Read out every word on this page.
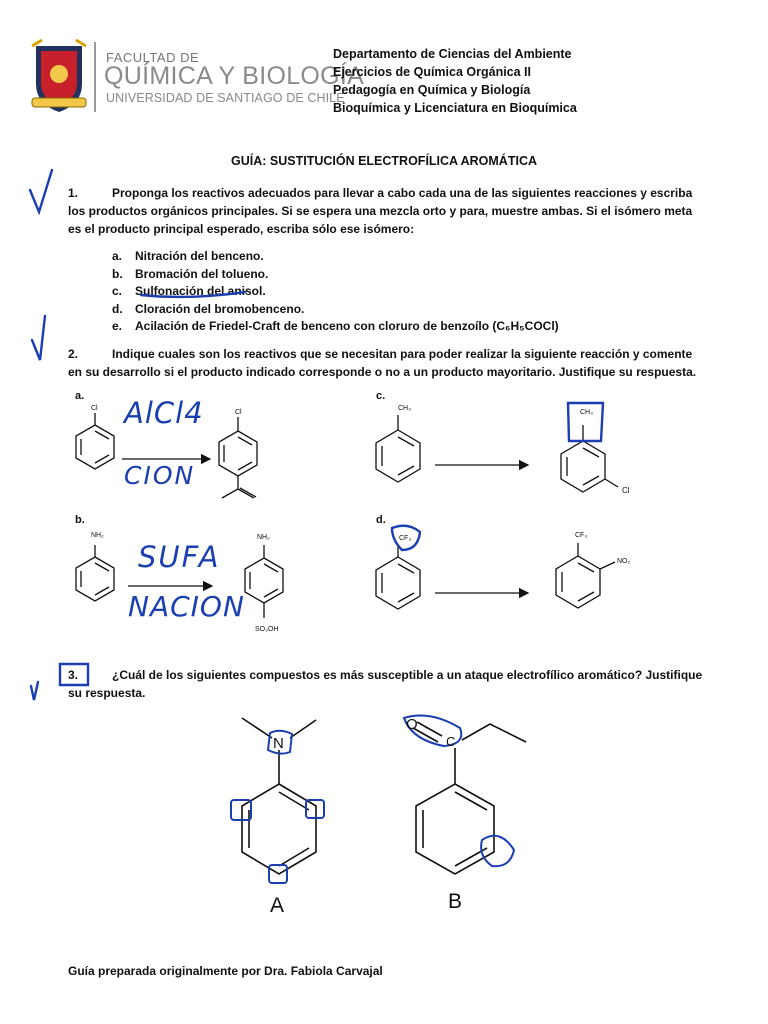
FACULTAD DE
QUÍMICA Y BIOLOGÍA
UNIVERSIDAD DE SANTIAGO DE CHILE
Departamento de Ciencias del Ambiente
Ejercicios de Química Orgánica II
Pedagogía en Química y Biología
Bioquímica y Licenciatura en Bioquímica
GUÍA: SUSTITUCIÓN ELECTROFÍLICA AROMÁTICA
1.	Proponga los reactivos adecuados para llevar a cabo cada una de las siguientes reacciones y escriba los productos orgánicos principales. Si se espera una mezcla orto y para, muestre ambas. Si el isómero meta es el producto principal esperado, escriba sólo ese isómero:
a. Nitración del benceno.
b. Bromación del tolueno.
c. Sulfonación del anisol.
d. Cloración del bromobenceno.
e. Acilación de Friedel-Craft de benceno con cloruro de benzoílo (C₆H₅COCl)
2.	Indique cuales son los reactivos que se necesitan para poder realizar la siguiente reacción y comente en su desarrollo si el producto indicado corresponde o no a un producto mayoritario. Justifique su respuesta.
a.	c.
b.	d.
Cl
Cl
CH₃
CH₃
Cl
NH₂	NH₂
SO₃OH
CF₃	CF₃
NO₂
AlCl4
CION
SUFA
NACION
3.	¿Cuál de los siguientes compuestos es más susceptible a un ataque electrofílico aromático? Justifique su respuesta.
N
O
C
A	B
Guía preparada originalmente por Dra. Fabiola Carvajal
